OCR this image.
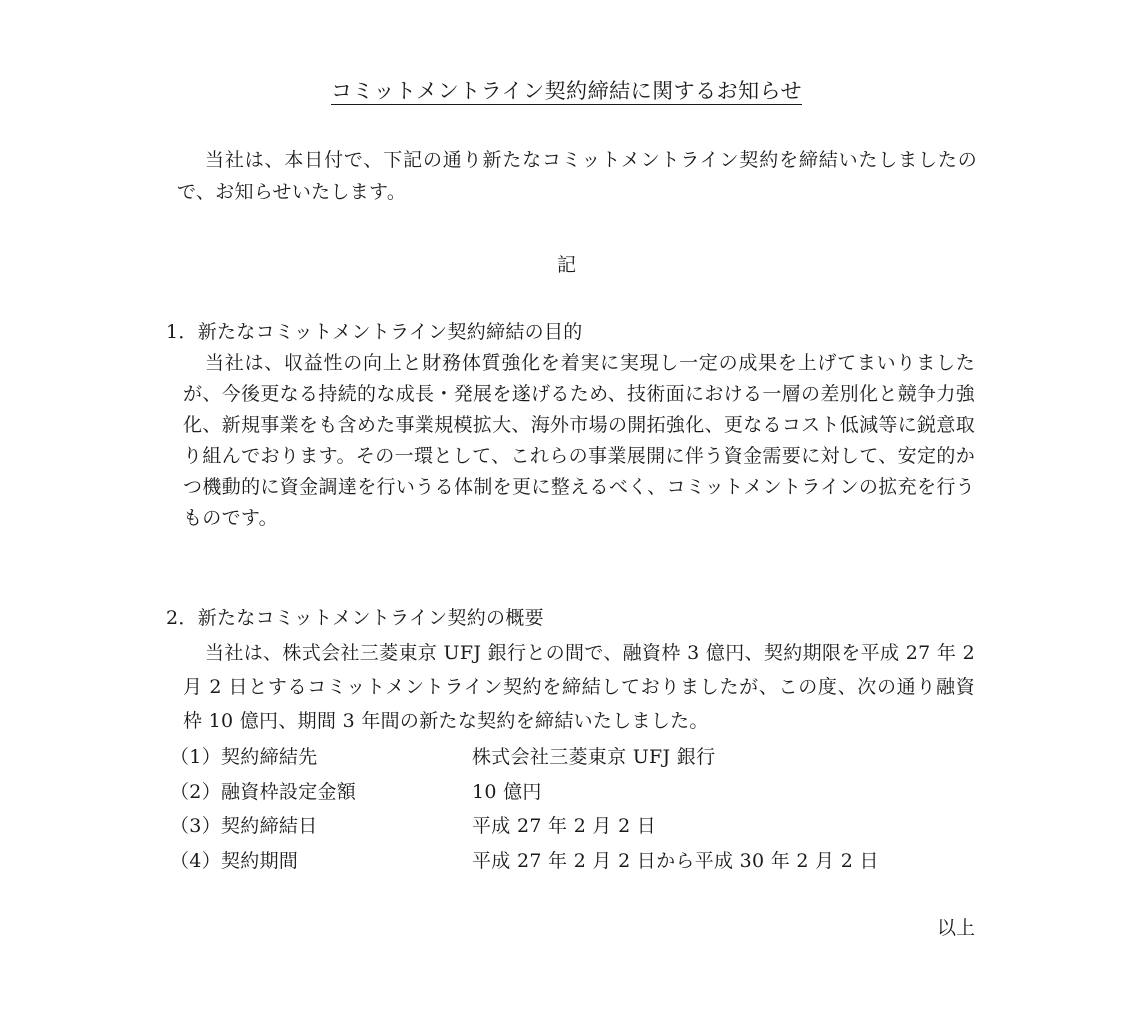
コミットメントライン契約締結に関するお知らせ

当社は、本日付で、下記の通り新たなコミットメントライン契約を締結いたしましたので、お知らせいたします。

記

1．新たなコミットメントライン契約締結の目的

当社は、収益性の向上と財務体質強化を着実に実現し一定の成果を上げてまいりましたが、今後更なる持続的な成長・発展を遂げるため、技術面における一層の差別化と競争力強化、新規事業をも含めた事業規模拡大、海外市場の開拓強化、更なるコスト低減等に鋭意取り組んでおります。その一環として、これらの事業展開に伴う資金需要に対して、安定的かつ機動的に資金調達を行いうる体制を更に整えるべく、コミットメントラインの拡充を行うものです。

2．新たなコミットメントライン契約の概要

当社は、株式会社三菱東京 UFJ 銀行との間で、融資枠 3 億円、契約期限を平成 27 年 2 月 2 日とするコミットメントライン契約を締結しておりましたが、この度、次の通り融資枠 10 億円、期間 3 年間の新たな契約を締結いたしました。

（1）契約締結先	株式会社三菱東京 UFJ 銀行
（2）融資枠設定金額	10 億円
（3）契約締結日	平成 27 年 2 月 2 日
（4）契約期間	平成 27 年 2 月 2 日から平成 30 年 2 月 2 日

以上
